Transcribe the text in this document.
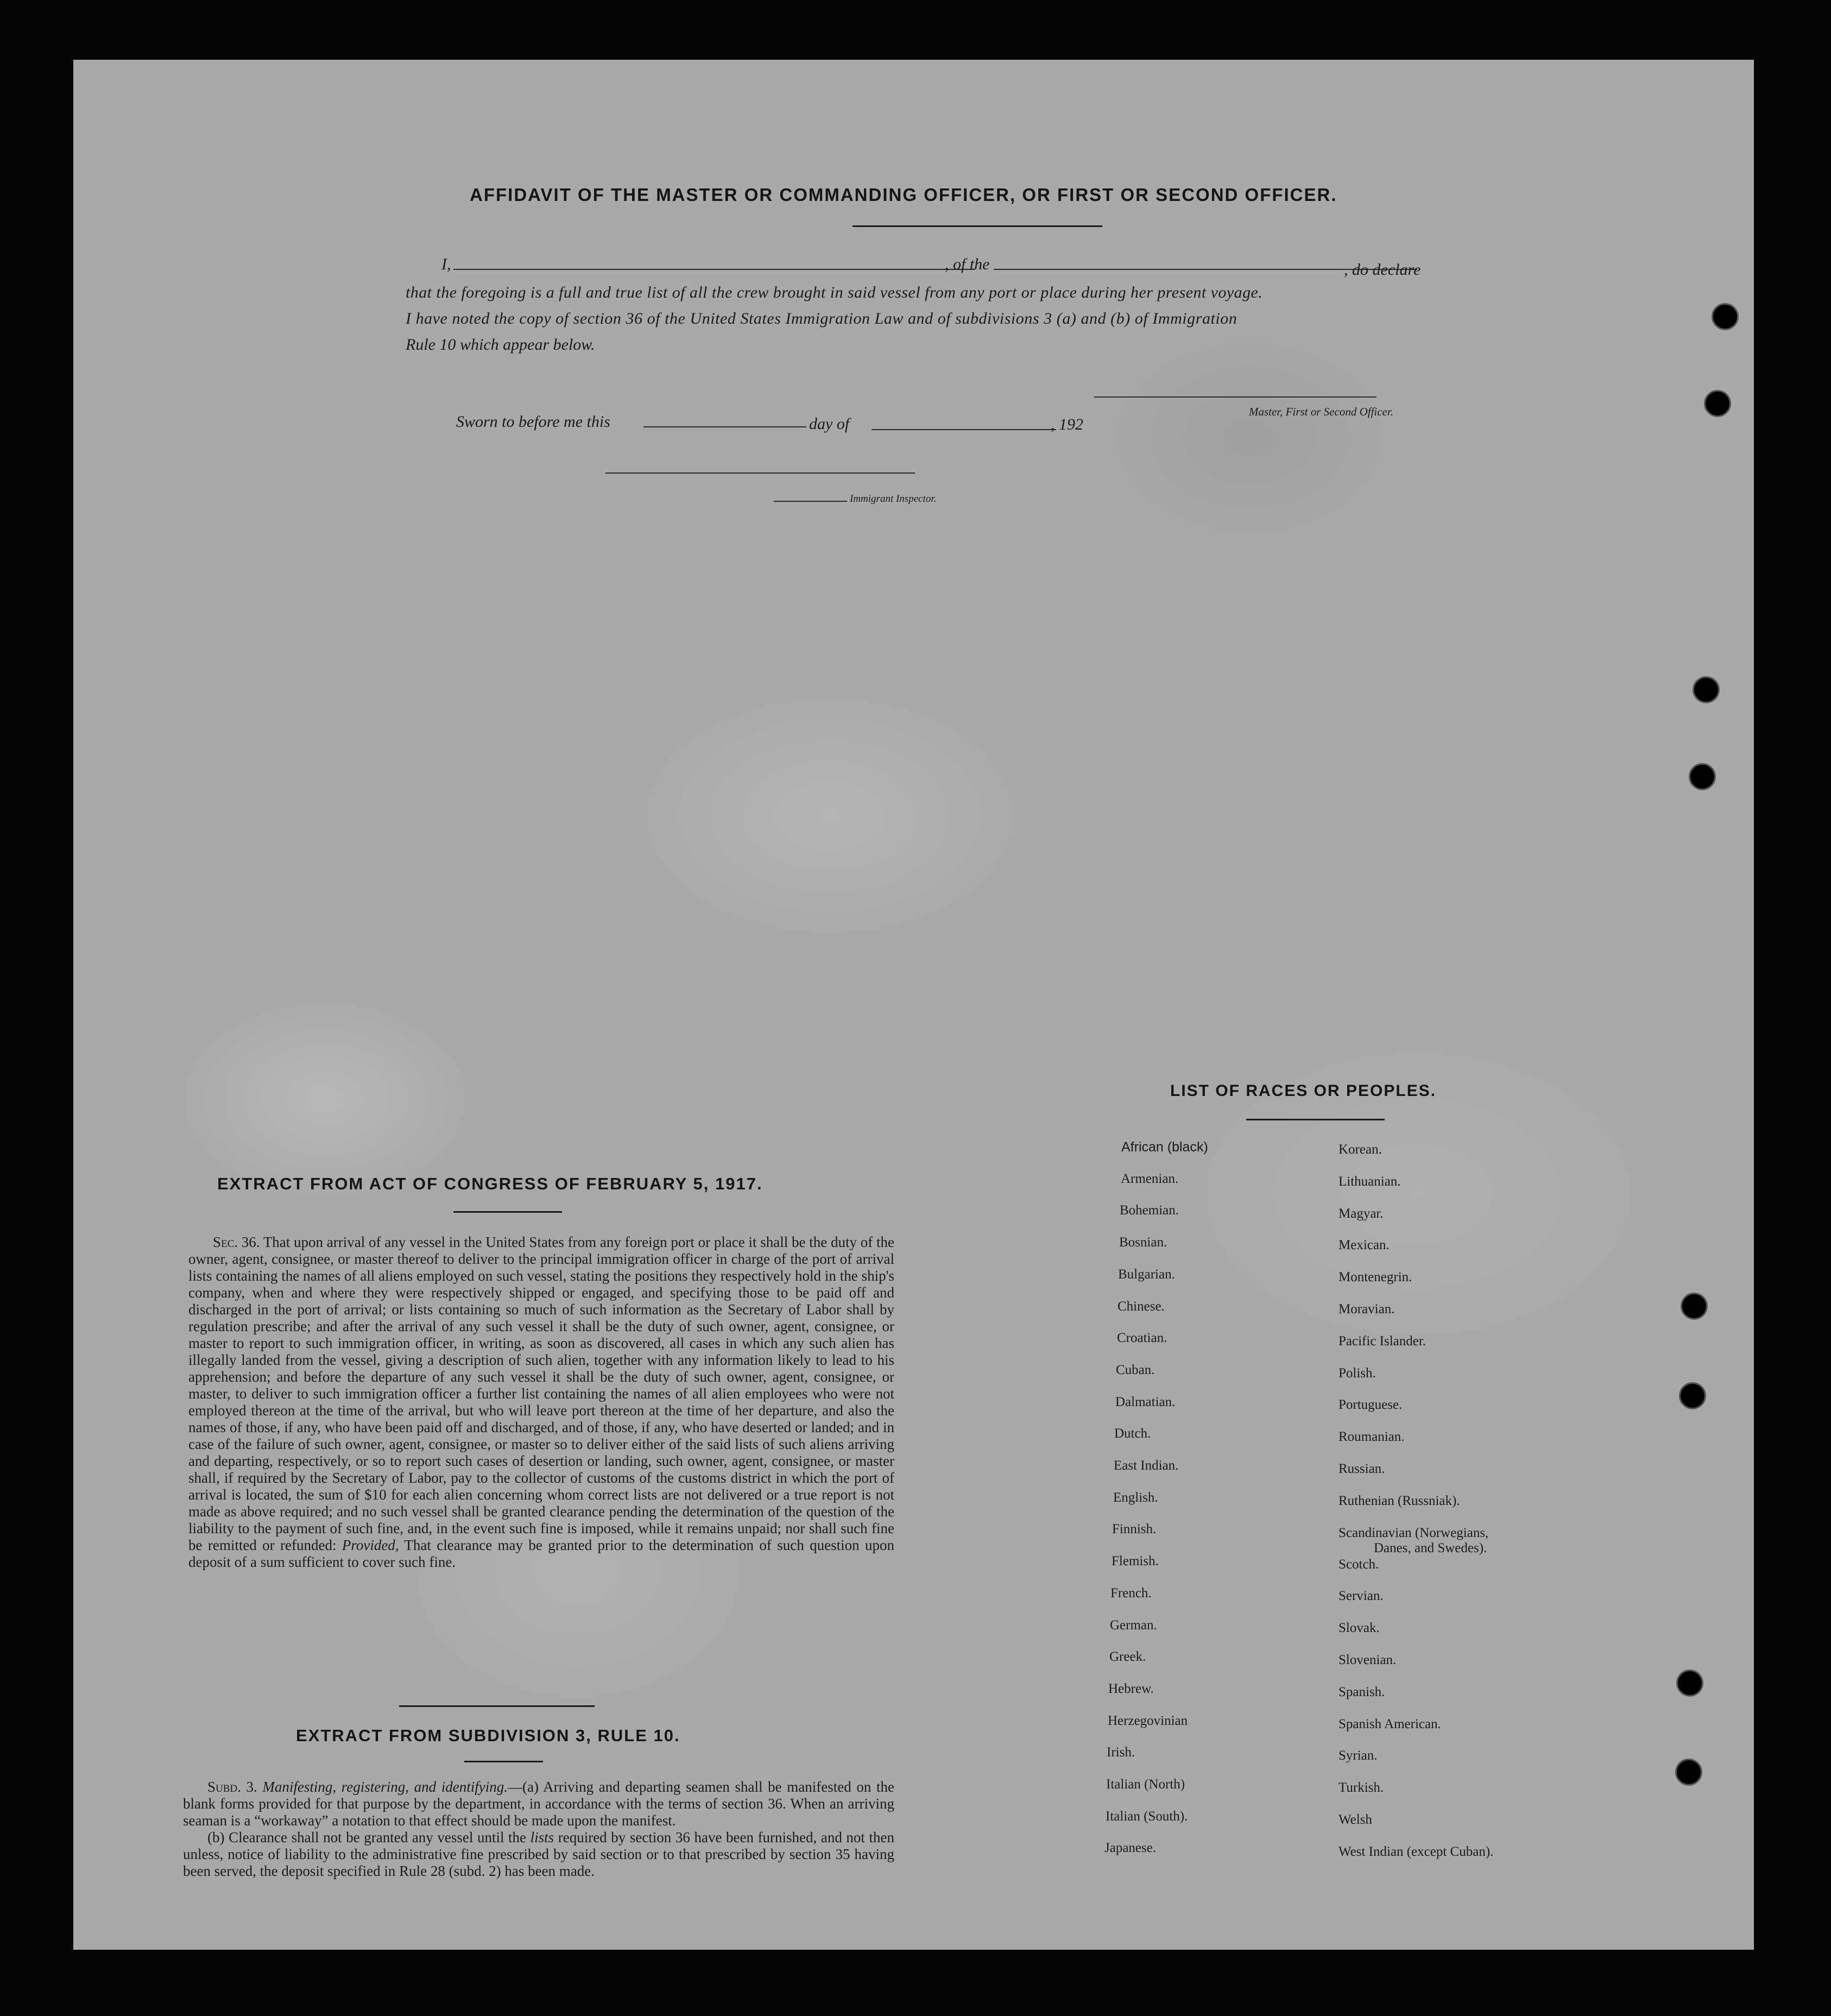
AFFIDAVIT OF THE MASTER OR COMMANDING OFFICER, OR FIRST OR SECOND OFFICER.
I,	, of the	, do declare
that the foregoing is a full and true list of all the crew brought in said vessel from any port or place during her present voyage.
I have noted the copy of section 36 of the United States Immigration Law and of subdivisions 3 (a) and (b) of Immigration
Rule 10 which appear below.
Master, First or Second Officer.
Sworn to before me this	day of	, 192
Immigrant Inspector.
LIST OF RACES OR PEOPLES.
African (black)
Armenian.
Bohemian.
Bosnian.
Bulgarian.
Chinese.
Croatian.
Cuban.
Dalmatian.
Dutch.
East Indian.
English.
Finnish.
Flemish.
French.
German.
Greek.
Hebrew.
Herzegovinian
Irish.
Italian (North)
Italian (South).
Japanese.
Korean.
Lithuanian.
Magyar.
Mexican.
Montenegrin.
Moravian.
Pacific Islander.
Polish.
Portuguese.
Roumanian.
Russian.
Ruthenian (Russniak).
Scandinavian (Norwegians,
Danes, and Swedes).
Scotch.
Servian.
Slovak.
Slovenian.
Spanish.
Spanish American.
Syrian.
Turkish.
Welsh
West Indian (except Cuban).
EXTRACT FROM ACT OF CONGRESS OF FEBRUARY 5, 1917.

Sec. 36. That upon arrival of any vessel in the United States from any foreign port or place it shall be the duty of the owner, agent, consignee, or master thereof to deliver to the principal immigration officer in charge of the port of arrival lists containing the names of all aliens employed on such vessel, stating the positions they respectively hold in the ship's company, when and where they were respectively shipped or engaged, and specifying those to be paid off and discharged in the port of arrival; or lists containing so much of such information as the Secretary of Labor shall by regulation prescribe; and after the arrival of any such vessel it shall be the duty of such owner, agent, consignee, or master to report to such immigration officer, in writing, as soon as discovered, all cases in which any such alien has illegally landed from the vessel, giving a description of such alien, together with any information likely to lead to his apprehension; and before the departure of any such vessel it shall be the duty of such owner, agent, consignee, or master, to deliver to such immigration officer a further list containing the names of all alien employees who were not employed thereon at the time of the arrival, but who will leave port thereon at the time of her departure, and also the names of those, if any, who have been paid off and discharged, and of those, if any, who have deserted or landed; and in case of the failure of such owner, agent, consignee, or master so to deliver either of the said lists of such aliens arriving and departing, respectively, or so to report such cases of desertion or landing, such owner, agent, consignee, or master shall, if required by the Secretary of Labor, pay to the collector of customs of the customs district in which the port of arrival is located, the sum of $10 for each alien concerning whom correct lists are not delivered or a true report is not made as above required; and no such vessel shall be granted clearance pending the determination of the question of the liability to the payment of such fine, and, in the event such fine is imposed, while it remains unpaid; nor shall such fine be remitted or refunded: Provided, That clearance may be granted prior to the determination of such question upon deposit of a sum sufficient to cover such fine.

EXTRACT FROM SUBDIVISION 3, RULE 10.

Subd. 3. Manifesting, registering, and identifying.—(a) Arriving and departing seamen shall be manifested on the blank forms provided for that purpose by the department, in accordance with the terms of section 36. When an arriving seaman is a “workaway” a notation to that effect should be made upon the manifest.

(b) Clearance shall not be granted any vessel until the lists required by section 36 have been furnished, and not then unless, notice of liability to the administrative fine prescribed by said section or to that prescribed by section 35 having been served, the deposit specified in Rule 28 (subd. 2) has been made.
